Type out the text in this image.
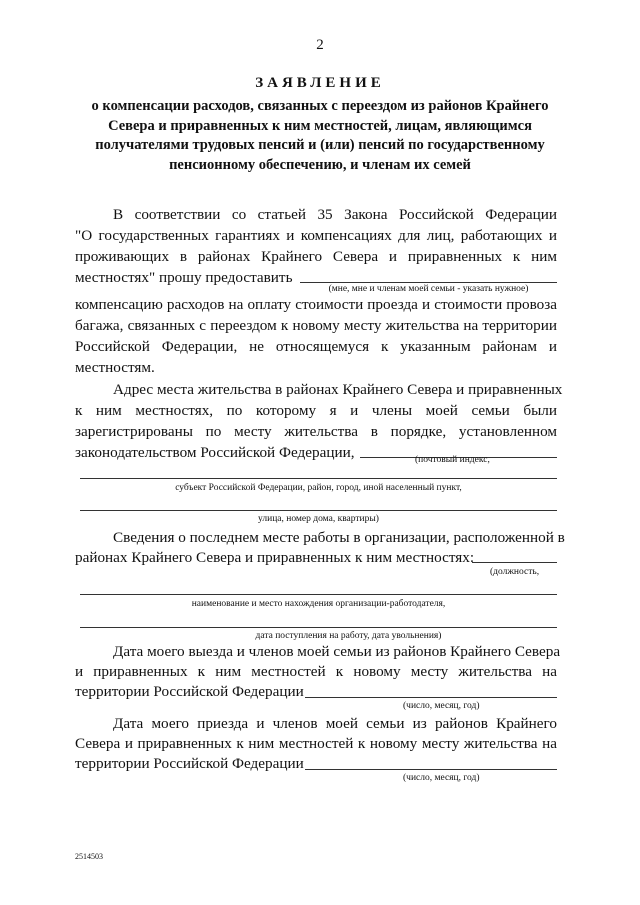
2
ЗАЯВЛЕНИЕ
о компенсации расходов, связанных с переездом из районов Крайнего
Севера и приравненных к ним местностей, лицам, являющимся
получателями трудовых пенсий и (или) пенсий по государственному
пенсионному обеспечению, и членам их семей
В соответствии со статьей 35 Закона Российской Федерации
"О государственных гарантиях и компенсациях для лиц, работающих и
проживающих в районах Крайнего Севера и приравненных к ним
местностях" прошу предоставить
(мне, мне и членам моей семьи - указать нужное)
компенсацию расходов на оплату стоимости проезда и стоимости провоза
багажа, связанных с переездом к новому месту жительства на территории
Российской Федерации, не относящемуся к указанным районам и
местностям.
Адрес места жительства в районах Крайнего Севера и приравненных
к ним местностях, по которому я и члены моей семьи были
зарегистрированы по месту жительства в порядке, установленном
законодательством Российской Федерации,	(почтовый индекс,
субъект Российской Федерации, район, город, иной населенный пункт,
улица, номер дома, квартиры)
Сведения о последнем месте работы в организации, расположенной в
районах Крайнего Севера и приравненных к ним местностях:
(должность,
наименование и место нахождения организации-работодателя,
дата поступления на работу, дата увольнения)
Дата моего выезда и членов моей семьи из районов Крайнего Севера
и приравненных к ним местностей к новому месту жительства на
территории Российской Федерации
(число, месяц, год)
Дата моего приезда и членов моей семьи из районов Крайнего
Севера и приравненных к ним местностей к новому месту жительства на
территории Российской Федерации
(число, месяц, год)
2514503
